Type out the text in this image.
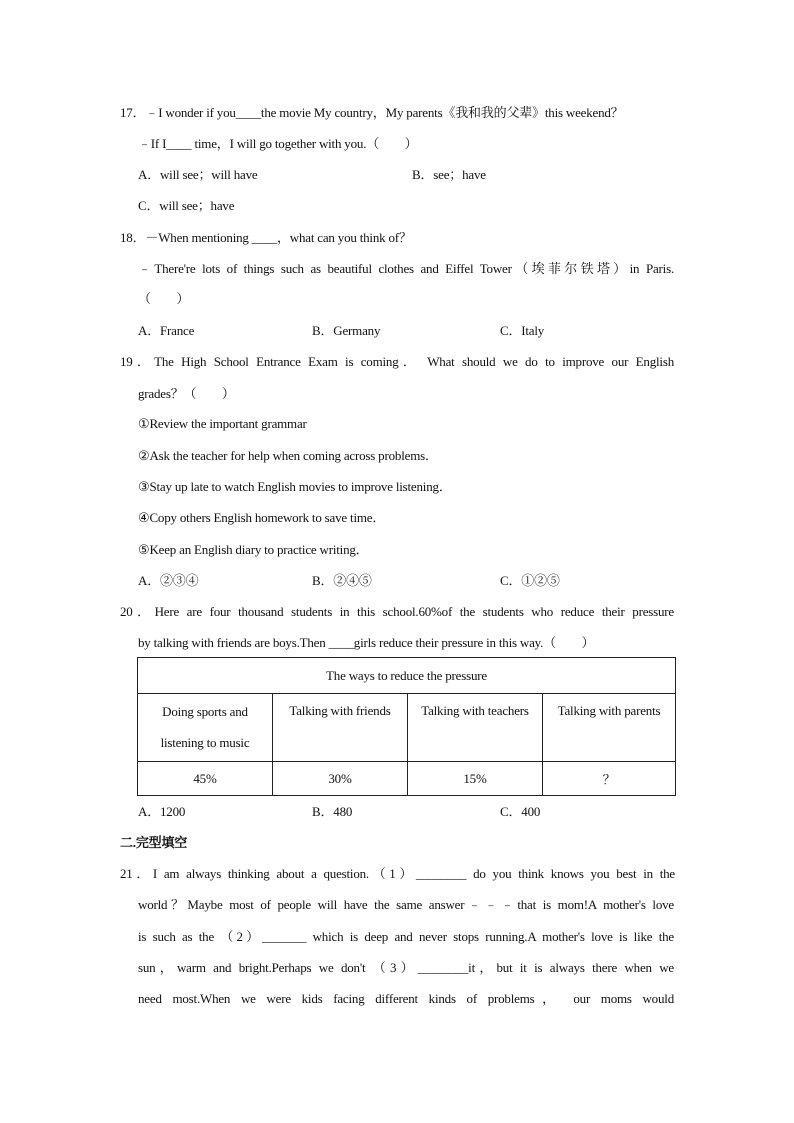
17．﹣I wonder if you____the movie My country，My parents《我和我的父辈》this weekend？
﹣If I____ time，I will go together with you.（　　）
A．will see；will have	B．see；have
C．will see；have
18．－When mentioning ____，what can you think of？
﹣There're lots of things such as beautiful clothes and Eiffel Tower（埃菲尔铁塔）in Paris.
（　　）
A．France	B．Germany	C．Italy
19．The High School Entrance Exam is coming． What should we do to improve our English
grades？（　　）
①Review the important grammar
②Ask the teacher for help when coming across problems．
③Stay up late to watch English movies to improve listening．
④Copy others English homework to save time．
⑤Keep an English diary to practice writing．
A．②③④	B．②④⑤	C．①②⑤
20．Here are four thousand students in this school.60%of the students who reduce their pressure
by talking with friends are boys.Then ____girls reduce their pressure in this way.（　　）
The ways to reduce the pressure			
Doing sports and
listening to music	Talking with friends	Talking with teachers	Talking with parents
45%	30%	15%	？
A．1200	B．480	C．400
二.完型填空
21．I am always thinking about a question.（1）________ do you think knows you best in the
world？Maybe most of people will have the same answer﹣﹣﹣that is mom!A mother's love
is such as the （2）_______ which is deep and never stops running.A mother's love is like the
sun，warm and bright.Perhaps we don't （3）________it，but it is always there when we
need most.When we were kids facing different kinds of problems， our moms would
